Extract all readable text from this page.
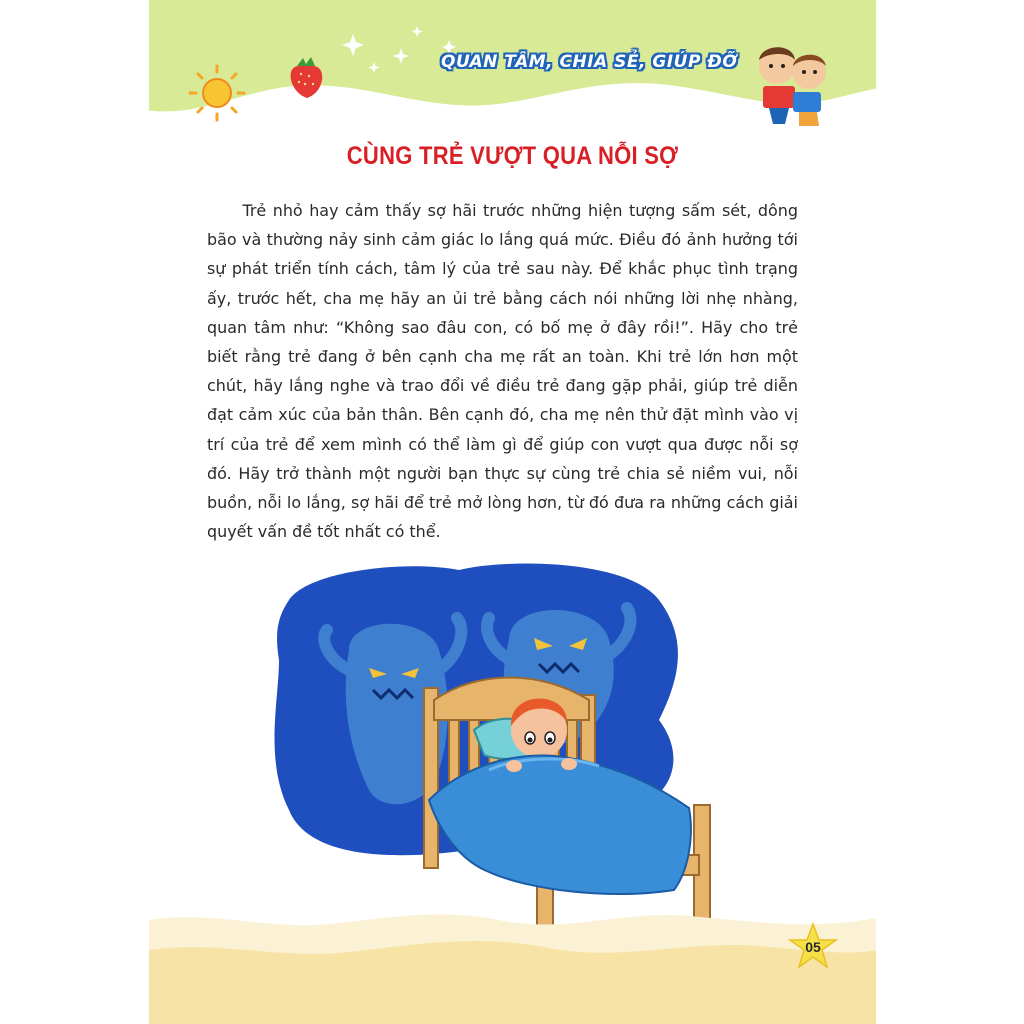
QUAN TÂM, CHIA SẺ, GIÚP ĐỠ
CÙNG TRẺ VƯỢT QUA NỖI SỢ

Trẻ nhỏ hay cảm thấy sợ hãi trước những hiện tượng sấm sét, dông bão và thường nảy sinh cảm giác lo lắng quá mức. Điều đó ảnh hưởng tới sự phát triển tính cách, tâm lý của trẻ sau này. Để khắc phục tình trạng ấy, trước hết, cha mẹ hãy an ủi trẻ bằng cách nói những lời nhẹ nhàng, quan tâm như: “Không sao đâu con, có bố mẹ ở đây rồi!”. Hãy cho trẻ biết rằng trẻ đang ở bên cạnh cha mẹ rất an toàn. Khi trẻ lớn hơn một chút, hãy lắng nghe và trao đổi về điều trẻ đang gặp phải, giúp trẻ diễn đạt cảm xúc của bản thân. Bên cạnh đó, cha mẹ nên thử đặt mình vào vị trí của trẻ để xem mình có thể làm gì để giúp con vượt qua được nỗi sợ đó. Hãy trở thành một người bạn thực sự cùng trẻ chia sẻ niềm vui, nỗi buồn, nỗi lo lắng, sợ hãi để trẻ mở lòng hơn, từ đó đưa ra những cách giải quyết vấn đề tốt nhất có thể.

05
